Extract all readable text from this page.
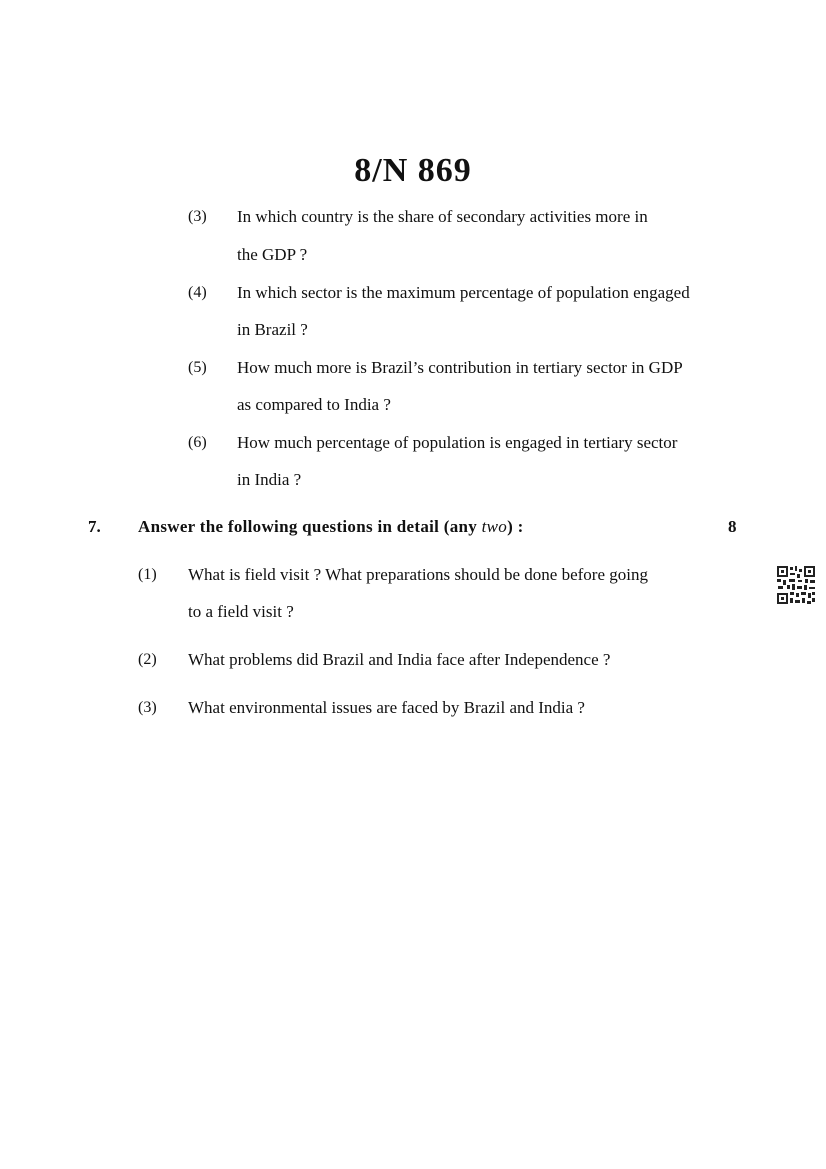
8/N 869
(3) In which country is the share of secondary activities more in
the GDP ?
(4) In which sector is the maximum percentage of population engaged
in Brazil ?
(5) How much more is Brazil’s contribution in tertiary sector in GDP
as compared to India ?
(6) How much percentage of population is engaged in tertiary sector
in India ?
7. Answer the following questions in detail (any two) :	8
(1) What is field visit ? What preparations should be done before going
to a field visit ?
(2) What problems did Brazil and India face after Independence ?
(3) What environmental issues are faced by Brazil and India ?
